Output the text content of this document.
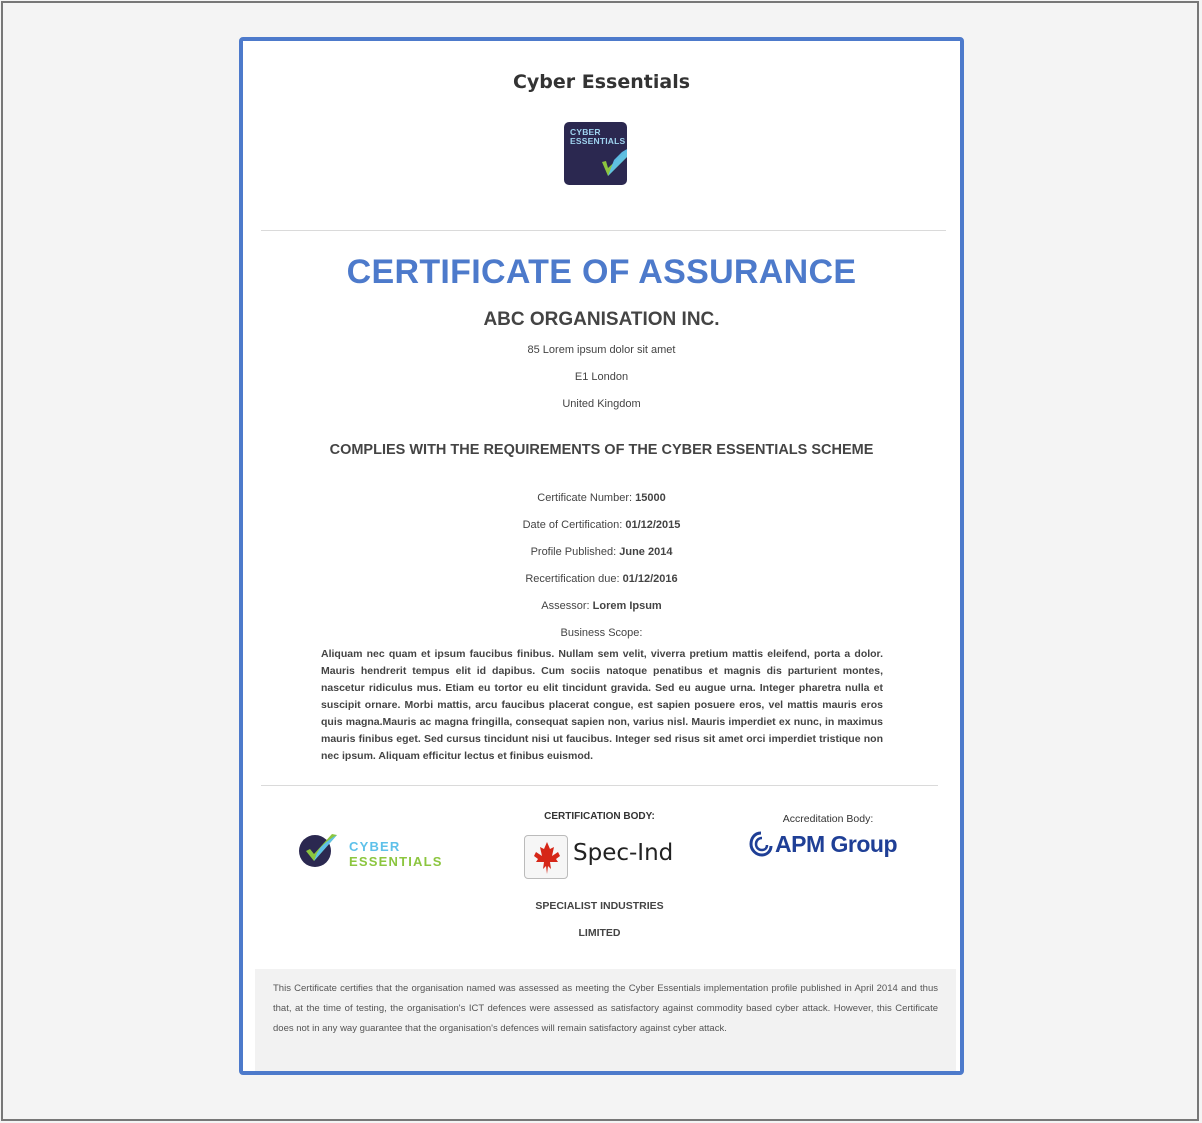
Cyber Essentials
CYBER
ESSENTIALS
CERTIFICATE OF ASSURANCE
ABC ORGANISATION INC.
85 Lorem ipsum dolor sit amet
E1 London
United Kingdom
COMPLIES WITH THE REQUIREMENTS OF THE CYBER ESSENTIALS SCHEME
Certificate Number: 15000
Date of Certification: 01/12/2015
Profile Published: June 2014
Recertification due: 01/12/2016
Assessor: Lorem Ipsum
Business Scope:
Aliquam nec quam et ipsum faucibus finibus. Nullam sem velit, viverra pretium mattis eleifend, porta a dolor. Mauris hendrerit tempus elit id dapibus. Cum sociis natoque penatibus et magnis dis parturient montes, nascetur ridiculus mus. Etiam eu tortor eu elit tincidunt gravida. Sed eu augue urna. Integer pharetra nulla et suscipit ornare. Morbi mattis, arcu faucibus placerat congue, est sapien posuere eros, vel mattis mauris eros quis magna.Mauris ac magna fringilla, consequat sapien non, varius nisl. Mauris imperdiet ex nunc, in maximus mauris finibus eget. Sed cursus tincidunt nisi ut faucibus. Integer sed risus sit amet orci imperdiet tristique non nec ipsum. Aliquam efficitur lectus et finibus euismod.
CYBER
ESSENTIALS
CERTIFICATION BODY:
Spec-Ind
SPECIALIST INDUSTRIES
LIMITED
Accreditation Body:
APM Group

This Certificate certifies that the organisation named was assessed as meeting the Cyber Essentials implementation profile published in April 2014 and thus that, at the time of testing, the organisation's ICT defences were assessed as satisfactory against commodity based cyber attack. However, this Certificate does not in any way guarantee that the organisation's defences will remain satisfactory against cyber attack.
